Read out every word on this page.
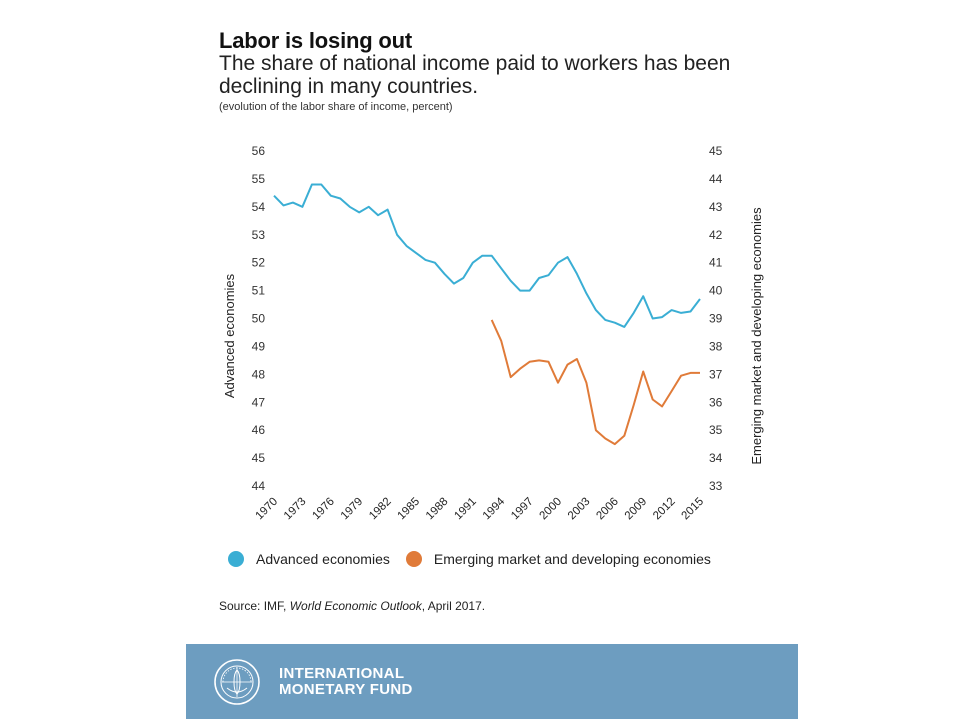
Labor is losing out
The share of national income paid to workers has been declining in many countries.
(evolution of the labor share of income, percent)
44
45
46
47
48
49
50
51
52
53
54
55
56
33
34
35
36
37
38
39
40
41
42
43
44
45
1970 1973 1976 1979 1982 1985 1988 1991 1994 1997 2000 2003 2006 2009 2012 2015
Advanced economies	Emerging market and developing economies
Advanced economies	Emerging market and developing economies
Source: IMF, World Economic Outlook, April 2017.
INTERNATIONAL
MONETARY FUND
